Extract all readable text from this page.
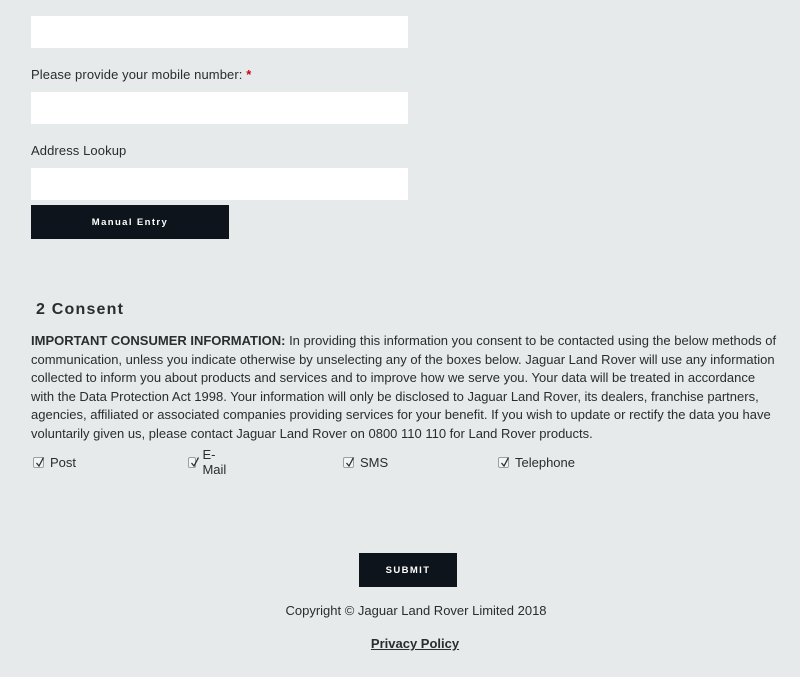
Please provide your mobile number: *
Address Lookup
Manual Entry
2 Consent

IMPORTANT CONSUMER INFORMATION: In providing this information you consent to be contacted using the below methods of communication, unless you indicate otherwise by unselecting any of the boxes below. Jaguar Land Rover will use any information collected to inform you about products and services and to improve how we serve you. Your data will be treated in accordance with the Data Protection Act 1998. Your information will only be disclosed to Jaguar Land Rover, its dealers, franchise partners, agencies, affiliated or associated companies providing services for your benefit. If you wish to update or rectify the data you have voluntarily given us, please contact Jaguar Land Rover on 0800 110 110 for Land Rover products.

Post	E-Mail	SMS	Telephone
SUBMIT
Copyright © Jaguar Land Rover Limited 2018
Privacy Policy
